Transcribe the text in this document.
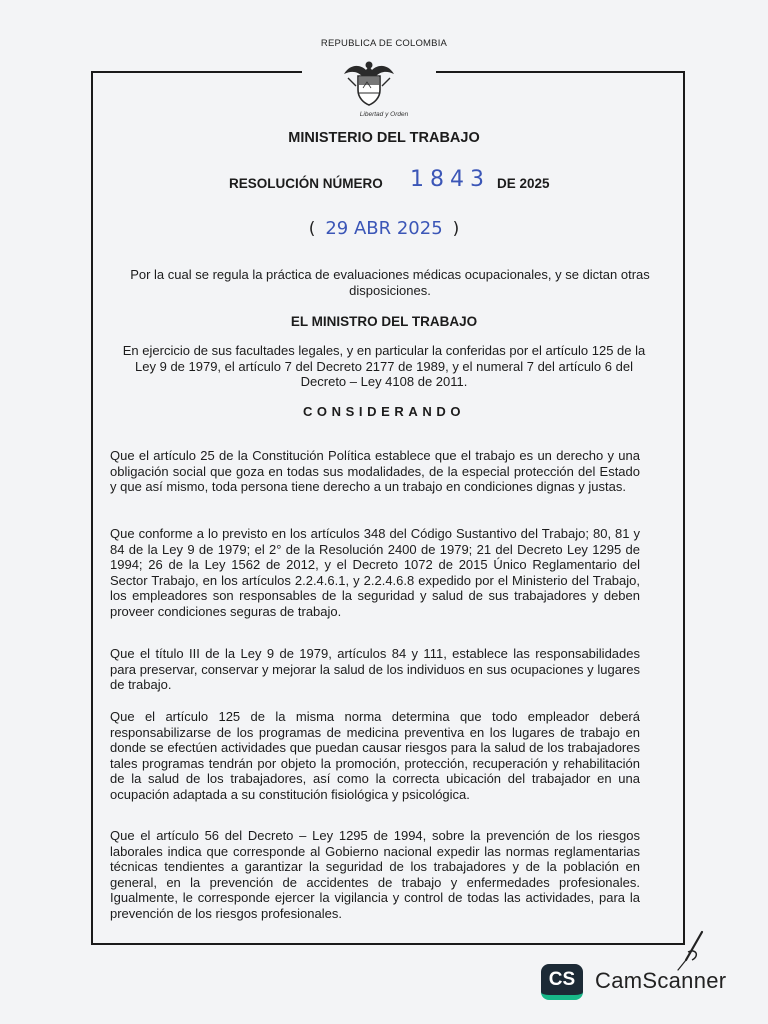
REPUBLICA DE COLOMBIA
Libertad y Orden
MINISTERIO DEL TRABAJO
RESOLUCIÓN NÚMERO 1843 DE 2025
( 29 ABR 2025 )
Por la cual se regula la práctica de evaluaciones médicas ocupacionales, y se dictan otras disposiciones.
EL MINISTRO DEL TRABAJO
En ejercicio de sus facultades legales, y en particular la conferidas por el artículo 125 de la Ley 9 de 1979, el artículo 7 del Decreto 2177 de 1989, y el numeral 7 del artículo 6 del Decreto – Ley 4108 de 2011.
CONSIDERANDO
Que el artículo 25 de la Constitución Política establece que el trabajo es un derecho y una obligación social que goza en todas sus modalidades, de la especial protección del Estado y que así mismo, toda persona tiene derecho a un trabajo en condiciones dignas y justas.
Que conforme a lo previsto en los artículos 348 del Código Sustantivo del Trabajo; 80, 81 y 84 de la Ley 9 de 1979; el 2° de la Resolución 2400 de 1979; 21 del Decreto Ley 1295 de 1994; 26 de la Ley 1562 de 2012, y el Decreto 1072 de 2015 Único Reglamentario del Sector Trabajo, en los artículos 2.2.4.6.1, y 2.2.4.6.8 expedido por el Ministerio del Trabajo, los empleadores son responsables de la seguridad y salud de sus trabajadores y deben proveer condiciones seguras de trabajo.
Que el título III de la Ley 9 de 1979, artículos 84 y 111, establece las responsabilidades para preservar, conservar y mejorar la salud de los individuos en sus ocupaciones y lugares de trabajo.
Que el artículo 125 de la misma norma determina que todo empleador deberá responsabilizarse de los programas de medicina preventiva en los lugares de trabajo en donde se efectúen actividades que puedan causar riesgos para la salud de los trabajadores tales programas tendrán por objeto la promoción, protección, recuperación y rehabilitación de la salud de los trabajadores, así como la correcta ubicación del trabajador en una ocupación adaptada a su constitución fisiológica y psicológica.
Que el artículo 56 del Decreto – Ley 1295 de 1994, sobre la prevención de los riesgos laborales indica que corresponde al Gobierno nacional expedir las normas reglamentarias técnicas tendientes a garantizar la seguridad de los trabajadores y de la población en general, en la prevención de accidentes de trabajo y enfermedades profesionales. Igualmente, le corresponde ejercer la vigilancia y control de todas las actividades, para la prevención de los riesgos profesionales.
CS CamScanner
